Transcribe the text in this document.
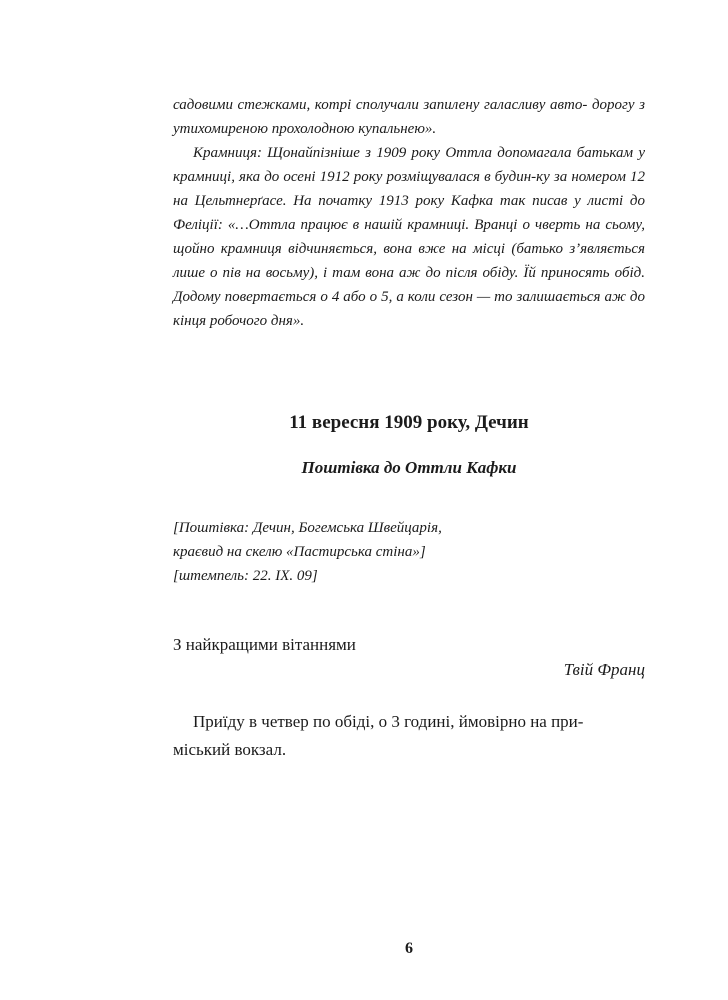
садовими стежками, котрі сполучали запилену галасливу авто- дорогу з утихомиреною прохолодною купальнею».

Крамниця: Щонайпізніше з 1909 року Оттла допомагала батькам у крамниці, яка до осені 1912 року розміщувалася в будин-ку за номером 12 на Цельтнерґасе. На початку 1913 року Кафка так писав у листі до Феліції: «…Оттла працює в нашій крамниці. Вранці о чверть на сьому, щойно крамниця відчиняється, вона вже на місці (батько з’являється лише о пів на восьму), і там вона аж до після обіду. Їй приносять обід. Додому повертається о 4 або о 5, а коли сезон — то залишається аж до кінця робочого дня».

11 вересня 1909 року, Дечин
Поштівка до Оттли Кафки
[Поштівка: Дечин, Богемська Швейцарія,
краєвид на скелю «Пастирська стіна»]
[штемпель: 22. IX. 09]
З найкращими вітаннями
Твій Франц
Приїду в четвер по обіді, о 3 годині, ймовірно на при-
міський вокзал.
6
